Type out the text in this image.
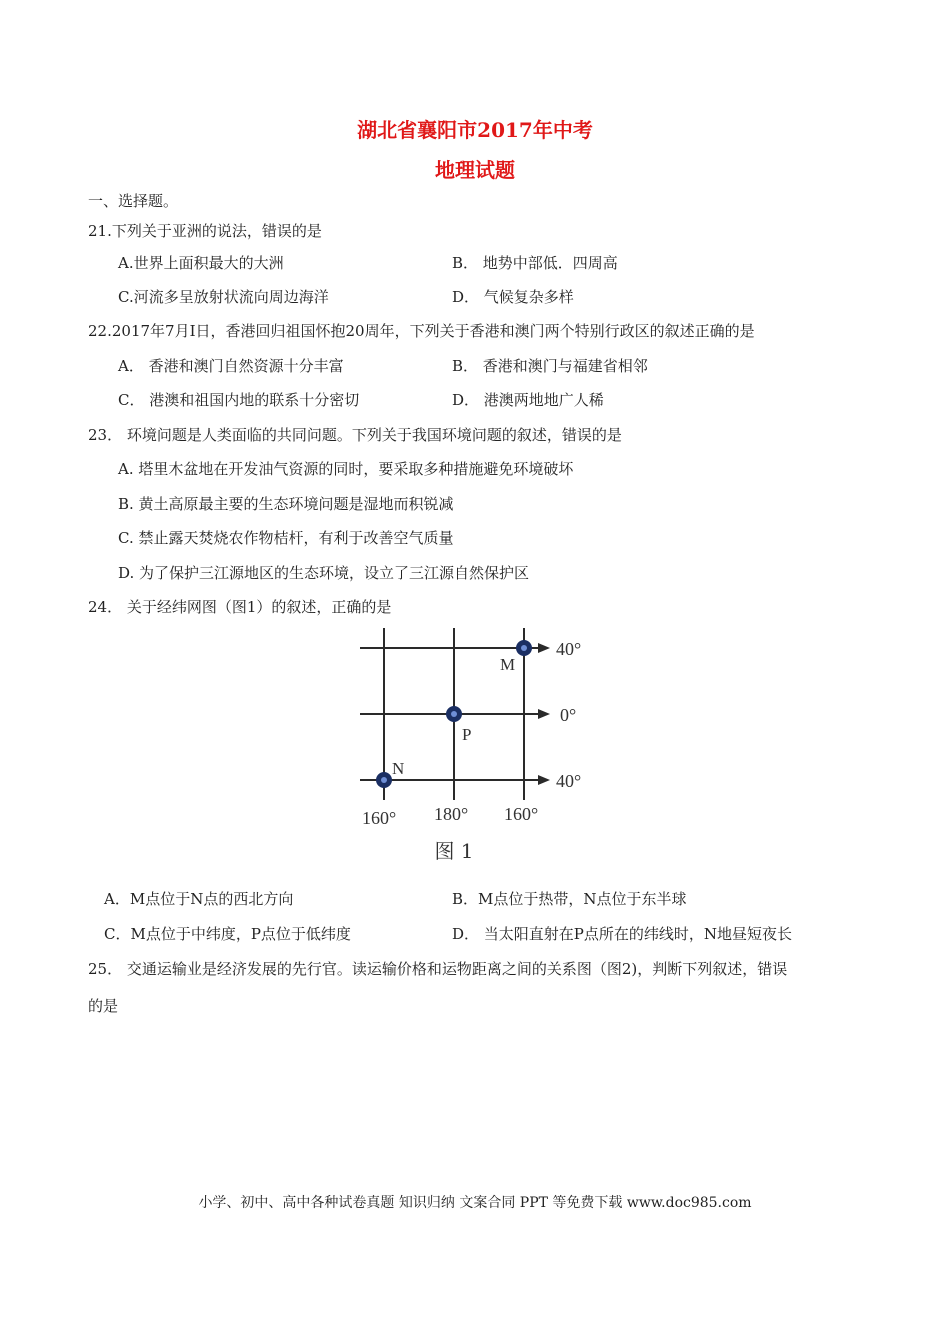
湖北省襄阳市2017年中考
地理试题
一、选择题。
21.下列关于亚洲的说法，错误的是
A.世界上面积最大的大洲	B． 地势中部低．四周高
C.河流多呈放射状流向周边海洋	D． 气候复杂多样
22.2017年7月Ⅰ日，香港回归祖国怀抱20周年，下列关于香港和澳门两个特别行政区的叙述正确的是
A． 香港和澳门自然资源十分丰富	B． 香港和澳门与福建省相邻
C． 港澳和祖国内地的联系十分密切	D． 港澳两地地广人稀
23． 环境问题是人类面临的共同问题。下列关于我国环境问题的叙述，错误的是
A. 塔里木盆地在开发油气资源的同时，要采取多种措施避免环境破坏
B. 黄土高原最主要的生态环境问题是湿地而积锐减
C. 禁止露天焚烧农作物桔杆，有利于改善空气质量
D. 为了保护三江源地区的生态环境，设立了三江源自然保护区
24． 关于经纬网图（图1）的叙述，正确的是
M
P
N
40°
0°
40°
160° 180° 160°
图 1
A．M点位于N点的西北方向	B．M点位于热带，N点位于东半球
C．M点位于中纬度，P点位于低纬度	D． 当太阳直射在P点所在的纬线时，N地昼短夜长
25． 交通运输业是经济发展的先行官。读运输价格和运物距离之间的关系图（图2)，判断下列叙述，错误
的是
小学、初中、高中各种试卷真题 知识归纳 文案合同 PPT 等免费下载 www.doc985.com
